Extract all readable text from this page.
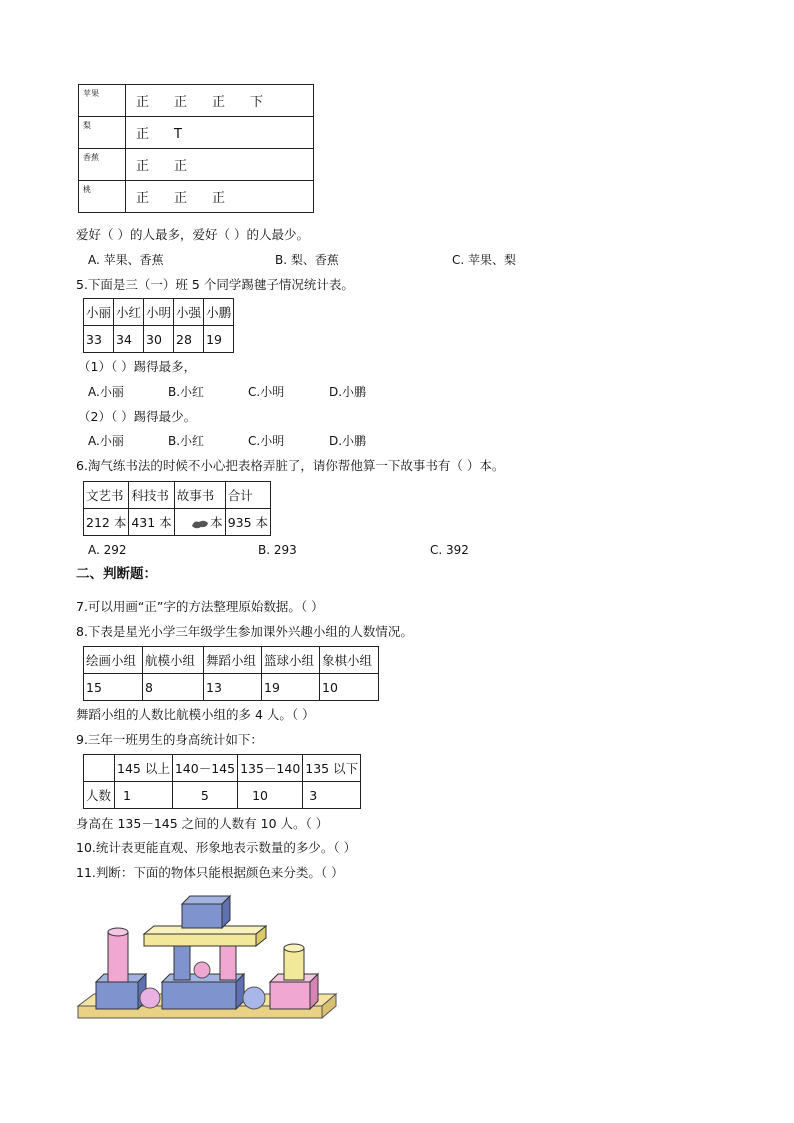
苹果	正 正 正 下
梨	正 T
香蕉	正 正
桃	正 正 正
爱好（ ）的人最多，爱好（ ）的人最少。
A. 苹果、香蕉	B. 梨、香蕉	C. 苹果、梨
5.下面是三（一）班 5 个同学踢毽子情况统计表。
小丽	小红	小明	小强	小鹏
33	34	30	28	19
（1）（ ）踢得最多，
A.小丽	B.小红	C.小明	D.小鹏
（2）（ ）踢得最少。
A.小丽	B.小红	C.小明	D.小鹏
6.淘气练书法的时候不小心把表格弄脏了，请你帮他算一下故事书有（ ）本。
文艺书	科技书	故事书	合计
212 本	431 本	本	935 本
A. 292	B. 293	C. 392
二、判断题：
7.可以用画“正”字的方法整理原始数据。（ ）
8.下表是星光小学三年级学生参加课外兴趣小组的人数情况。
绘画小组	航模小组	舞蹈小组	篮球小组	象棋小组
15	8	13	19	10
舞蹈小组的人数比航模小组的多 4 人。（ ）
9.三年一班男生的身高统计如下：
	145 以上	140－145	135－140	135 以下
人数	1	5	10	3
身高在 135－145 之间的人数有 10 人。（ ）
10.统计表更能直观、形象地表示数量的多少。（ ）
11.判断：下面的物体只能根据颜色来分类。（ ）
